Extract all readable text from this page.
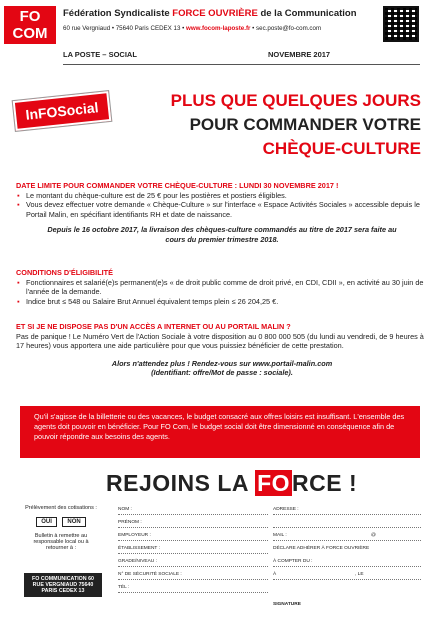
FO
COM
Fédération Syndicaliste FORCE OUVRIÈRE de la Communication
60 rue Vergniaud • 75640 Paris CEDEX 13 • www.focom-laposte.fr • sec.poste@fo-com.com
LA POSTE – SOCIAL	NOVEMBRE 2017
InFOSocial	PLUS QUE QUELQUES JOURS
POUR COMMANDER VOTRE
CHÈQUE-CULTURE
DATE LIMITE POUR COMMANDER VOTRE CHÈQUE-CULTURE : LUNDI 30 NOVEMBRE 2017 !
▪ Le montant du chèque-culture est de 25 € pour les postières et postiers éligibles.
▪ Vous devez effectuer votre demande « Chèque-Culture » sur l'interface « Espace Activités Sociales » accessible depuis le Portail Malin, en spécifiant identifiants RH et date de naissance.
Depuis le 16 octobre 2017, la livraison des chèques-culture commandés au titre de 2017 sera faite au cours du premier trimestre 2018.
CONDITIONS D'ÉLIGIBILITÉ
▪ Fonctionnaires et salarié(e)s permanent(e)s « de droit public comme de droit privé, en CDI, CDII », en activité au 30 juin de l'année de la demande.
▪ Indice brut ≤ 548 ou Salaire Brut Annuel équivalent temps plein ≤ 26 204,25 €.
ET SI JE NE DISPOSE PAS D'UN ACCÈS A INTERNET OU AU PORTAIL MALIN ?
Pas de panique ! Le Numéro Vert de l'Action Sociale à votre disposition au 0 800 000 505 (du lundi au vendredi, de 9 heures à 17 heures) vous apportera une aide particulière pour que vous puissiez bénéficier de cette prestation.
Alors n'attendez plus ! Rendez-vous sur www.portail-malin.com
(Identifiant: offre/Mot de passe : sociale).
Qu'il s'agisse de la billetterie ou des vacances, le budget consacré aux offres loisirs est insuffisant. L'ensemble des agents doit pouvoir en bénéficier. Pour FO Com, le budget social doit être dimensionné en conséquence afin de pouvoir répondre aux besoins des agents.
REJOINS LA FORCE !
Prélèvement des cotisations :
OUI	NON
Bulletin à remettre au responsable local ou à retourner à :
FO COMMUNICATION 60 RUE VERGNIAUD 75640 PARIS CEDEX 13
NOM :
PRÉNOM :
EMPLOYEUR :
ÉTABLISSEMENT :
GRADE/NIVEAU :
N° DE SÉCURITÉ SOCIALE :
ADRESSE :
TÉL :
MAIL :	@
DÉCLARE ADHÉRER À FORCE OUVRIÈRE
À COMPTER DU :
À	, LE
SIGNATURE
